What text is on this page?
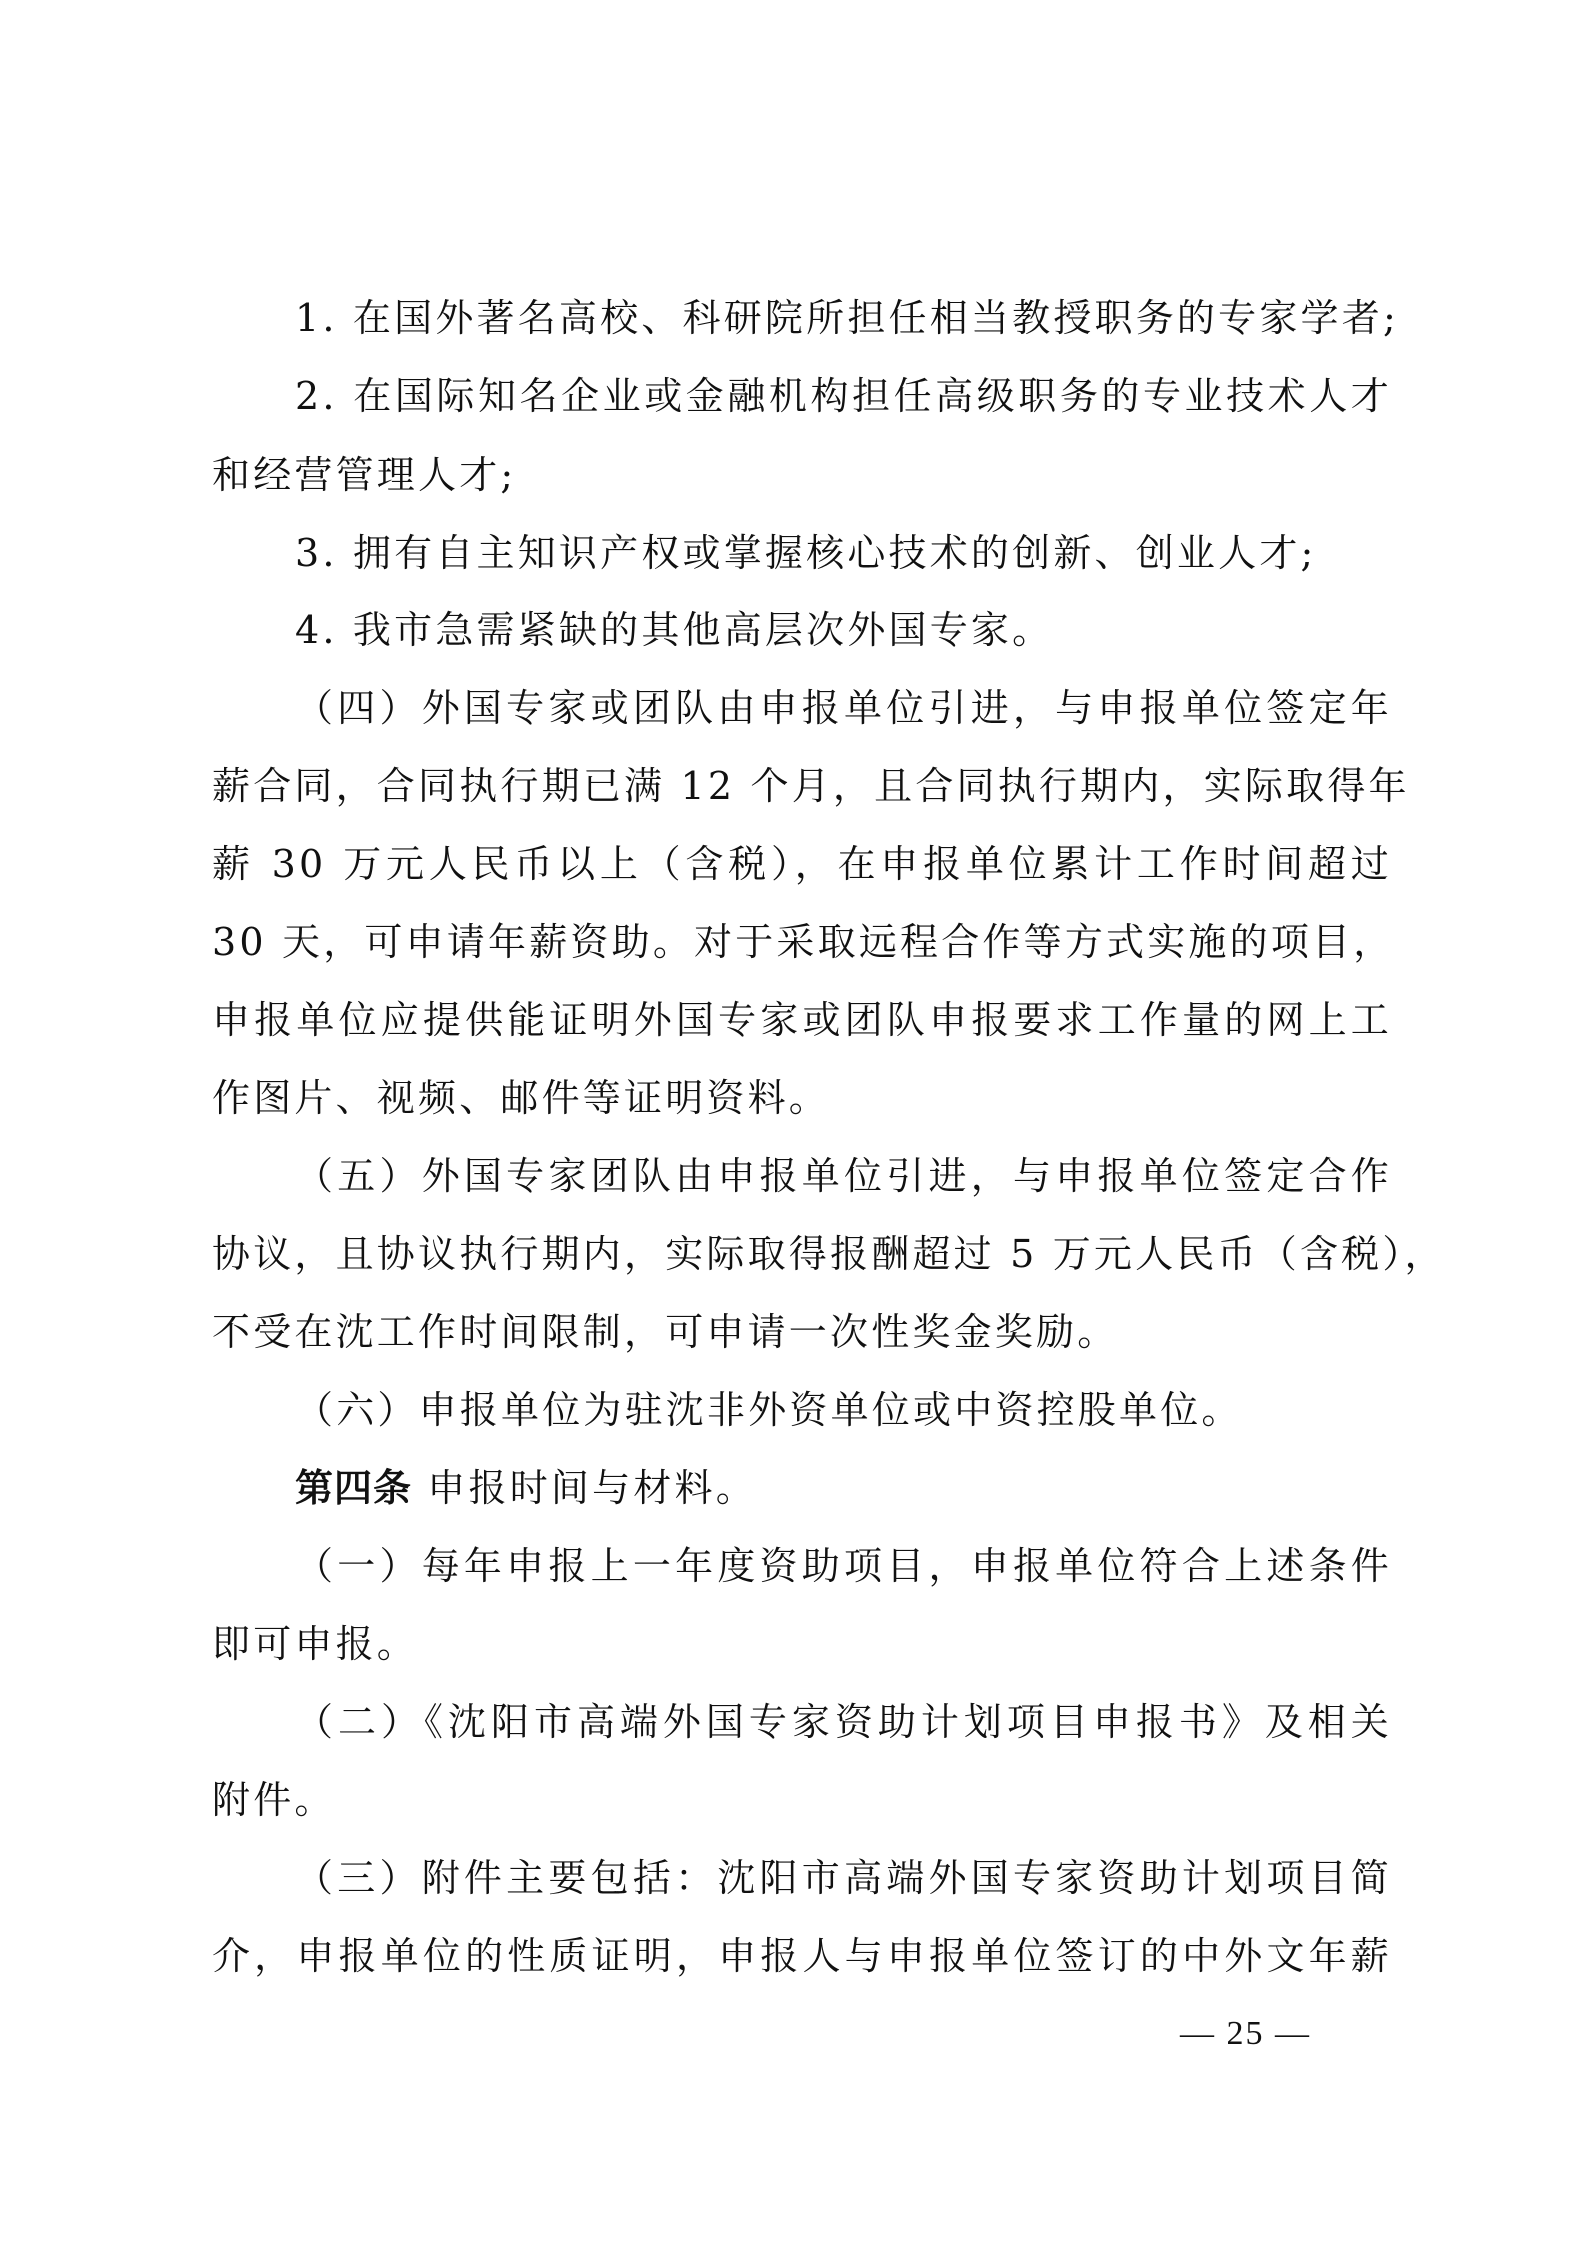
1. 在国外著名高校、科研院所担任相当教授职务的专家学者;
2. 在国际知名企业或金融机构担任高级职务的专业技术人才
和经营管理人才;
3. 拥有自主知识产权或掌握核心技术的创新、创业人才;
4. 我市急需紧缺的其他高层次外国专家。
（四）外国专家或团队由申报单位引进，与申报单位签定年
薪合同，合同执行期已满 12 个月，且合同执行期内，实际取得年
薪 30 万元人民币以上（含税），在申报单位累计工作时间超过
30 天，可申请年薪资助。对于采取远程合作等方式实施的项目，
申报单位应提供能证明外国专家或团队申报要求工作量的网上工
作图片、视频、邮件等证明资料。
（五）外国专家团队由申报单位引进，与申报单位签定合作
协议，且协议执行期内，实际取得报酬超过 5 万元人民币（含税），
不受在沈工作时间限制，可申请一次性奖金奖励。
（六）申报单位为驻沈非外资单位或中资控股单位。
第四条 申报时间与材料。
（一）每年申报上一年度资助项目，申报单位符合上述条件
即可申报。
（二）《沈阳市高端外国专家资助计划项目申报书》及相关
附件。
（三）附件主要包括：沈阳市高端外国专家资助计划项目简
介，申报单位的性质证明，申报人与申报单位签订的中外文年薪
— 25 —
